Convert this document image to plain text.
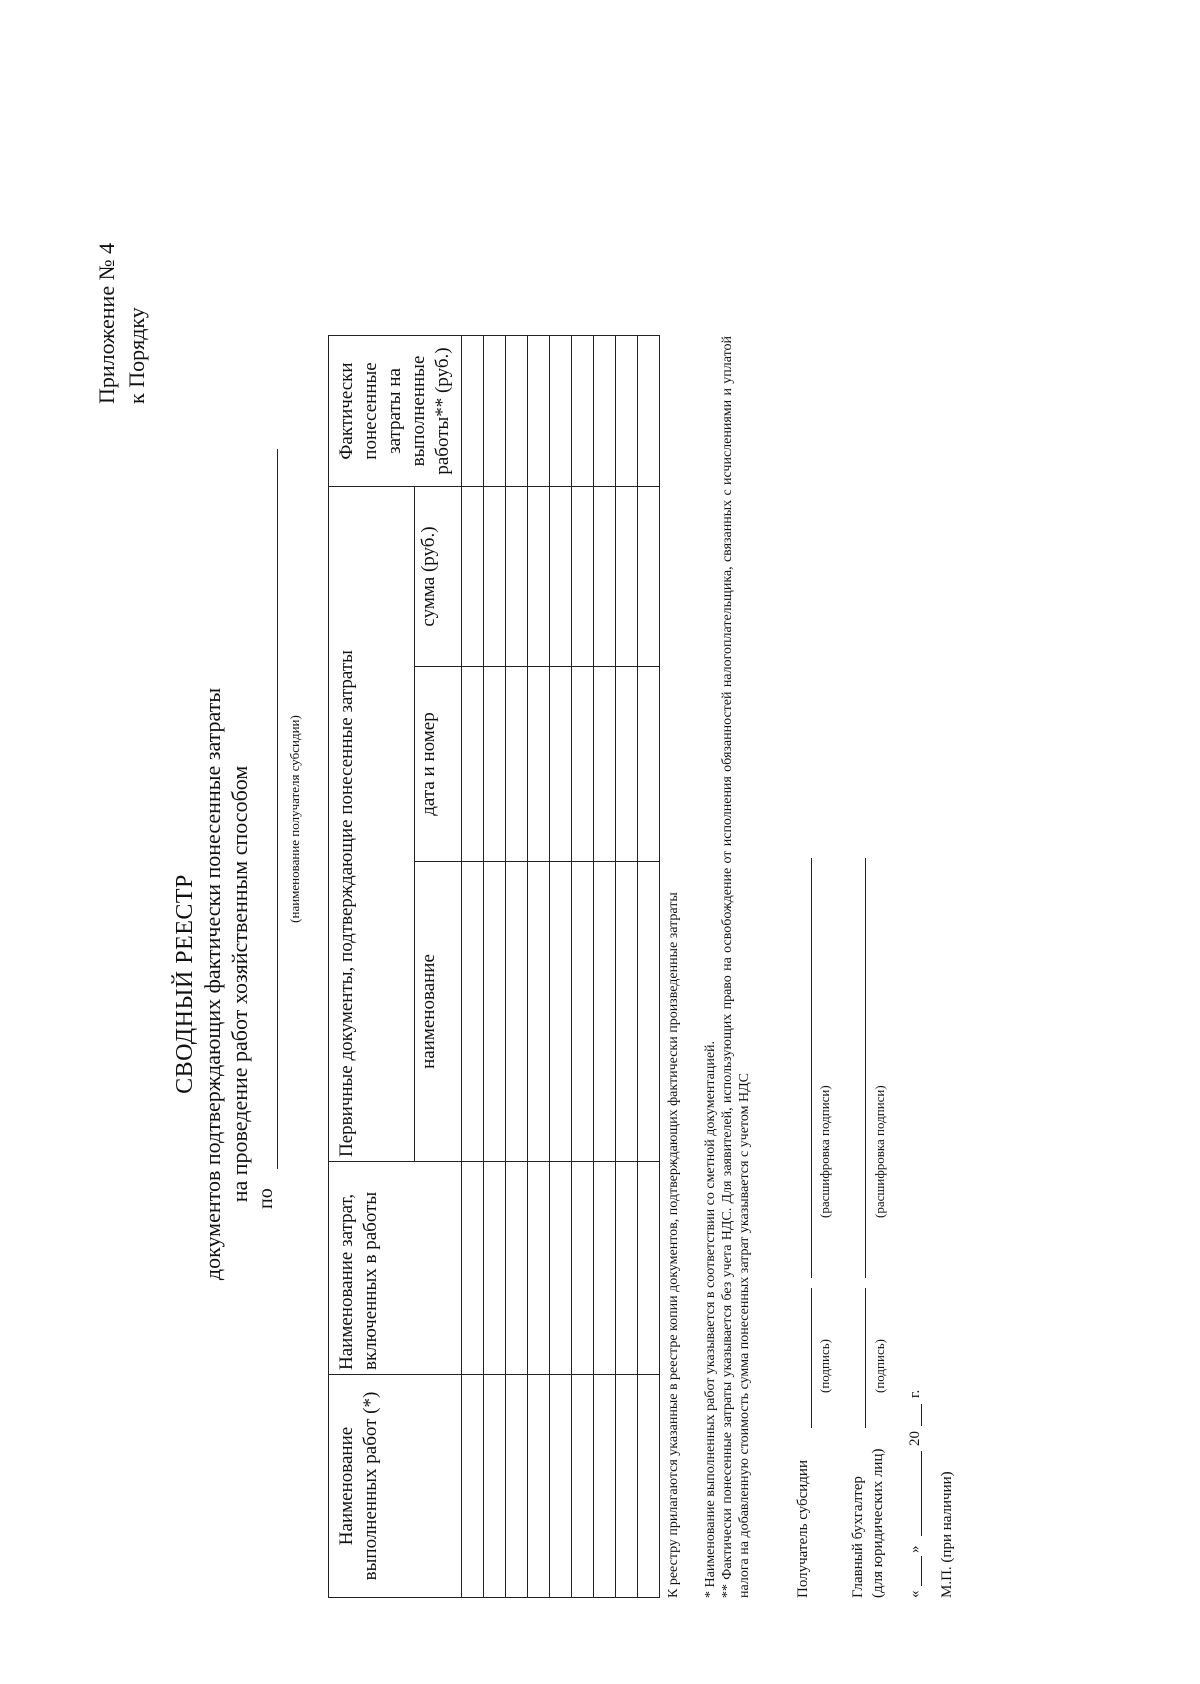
Приложение № 4 к Порядку
СВОДНЫЙ РЕЕСТР документов подтверждающих фактически понесенные затраты на проведение работ хозяйственным способом по
(наименование получателя субсидии)
Наименование выполненных работ (*)	Наименование затрат, включенных в работы	Первичные документы, подтверждающие понесенные затраты			Фактически понесенные затраты на выполненные работы** (руб.)
		наименование	дата и номер	сумма (руб.)	

К реестру прилагаются указанные в реестре копии документов, подтверждающих фактически произведенные затраты * Наименование выполненных работ указывается в соответствии со сметной документацией. ** Фактически понесенные затраты указывается без учета НДС. Для заявителей, использующих право на освобождение от исполнения обязанностей налогоплательщика, связанных с исчислениями и уплатой налога на добавленную стоимость сумма понесенных затрат указывается с учетом НДС	Получатель субсидии
(подпись)
(расшифровка подписи)
Главный бухгалтер (для юридических лиц)
(подпись)
(расшифровка подписи)
«
»
20
г.
М.П. (при наличии)
